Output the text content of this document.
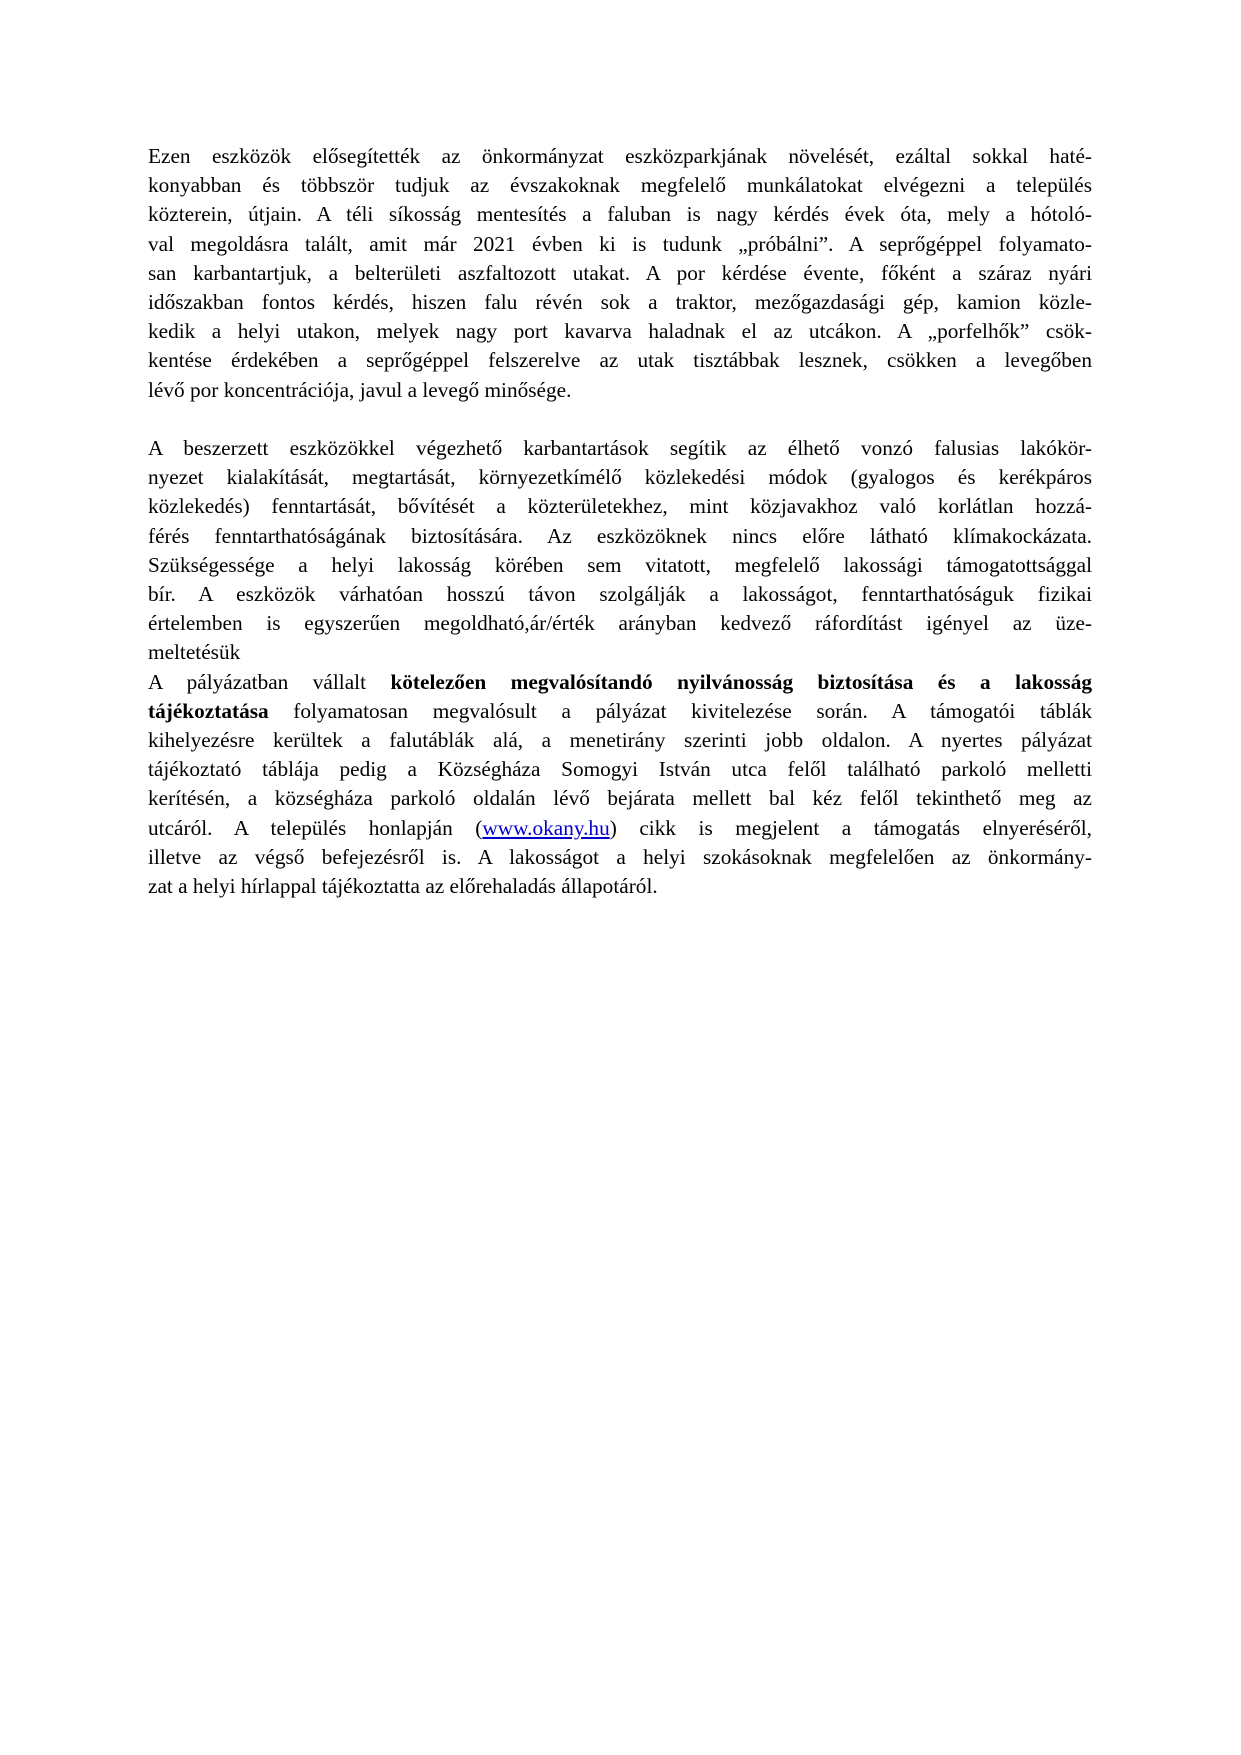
Ezen eszközök elősegítették az önkormányzat eszközparkjának növelését, ezáltal sokkal haté-
konyabban és többször tudjuk az évszakoknak megfelelő munkálatokat elvégezni a település
közterein, útjain. A téli síkosság mentesítés a faluban is nagy kérdés évek óta, mely a hótoló-
val megoldásra talált, amit már 2021 évben ki is tudunk „próbálni”. A seprőgéppel folyamato-
san karbantartjuk, a belterületi aszfaltozott utakat. A por kérdése évente, főként a száraz nyári
időszakban fontos kérdés, hiszen falu révén sok a traktor, mezőgazdasági gép, kamion közle-
kedik a helyi utakon, melyek nagy port kavarva haladnak el az utcákon. A „porfelhők” csök-
kentése érdekében a seprőgéppel felszerelve az utak tisztábbak lesznek, csökken a levegőben
lévő por koncentrációja, javul a levegő minősége.
A beszerzett eszközökkel végezhető karbantartások segítik az élhető vonzó falusias lakókör-
nyezet kialakítását, megtartását, környezetkímélő közlekedési módok (gyalogos és kerékpáros
közlekedés) fenntartását, bővítését a közterületekhez, mint közjavakhoz való korlátlan hozzá-
férés fenntarthatóságának biztosítására. Az eszközöknek nincs előre látható klímakockázata.
Szükségessége a helyi lakosság körében sem vitatott, megfelelő lakossági támogatottsággal
bír. A eszközök várhatóan hosszú távon szolgálják a lakosságot, fenntarthatóságuk fizikai
értelemben is egyszerűen megoldható,ár/érték arányban kedvező ráfordítást igényel az üze-
meltetésük
A pályázatban vállalt kötelezően megvalósítandó nyilvánosság biztosítása és a lakosság
tájékoztatása folyamatosan megvalósult a pályázat kivitelezése során. A támogatói táblák
kihelyezésre kerültek a falutáblák alá, a menetirány szerinti jobb oldalon. A nyertes pályázat
tájékoztató táblája pedig a Községháza Somogyi István utca felől található parkoló melletti
kerítésén, a községháza parkoló oldalán lévő bejárata mellett bal kéz felől tekinthető meg az
utcáról. A település honlapján (www.okany.hu) cikk is megjelent a támogatás elnyeréséről,
illetve az végső befejezésről is. A lakosságot a helyi szokásoknak megfelelően az önkormány-
zat a helyi hírlappal tájékoztatta az előrehaladás állapotáról.
